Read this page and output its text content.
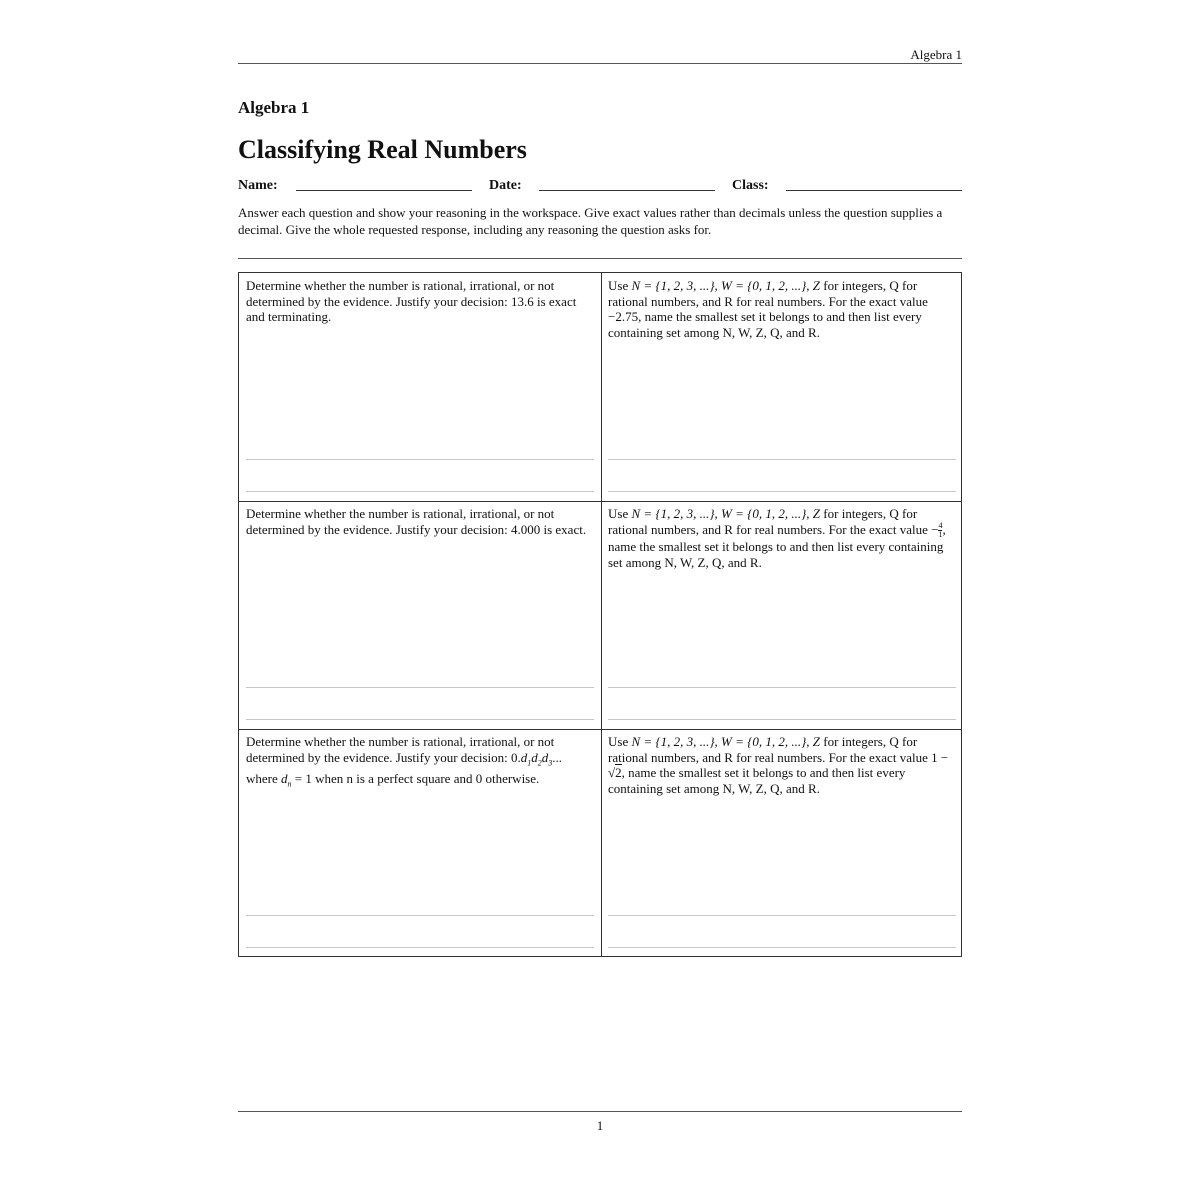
Algebra 1
Algebra 1
Classifying Real Numbers
Name:	Date:	Class:
Answer each question and show your reasoning in the workspace. Give exact values rather than decimals unless the question supplies a decimal. Give the whole requested response, including any reasoning the question asks for.
Determine whether the number is rational, irrational, or not determined by the evidence. Justify your decision: 13.6 is exact and terminating.
Use N = {1, 2, 3, ...}, W = {0, 1, 2, ...}, Z for integers, Q for rational numbers, and R for real numbers. For the exact value −2.75, name the smallest set it belongs to and then list every containing set among N, W, Z, Q, and R.
Determine whether the number is rational, irrational, or not determined by the evidence. Justify your decision: 4.000 is exact.
Use N = {1, 2, 3, ...}, W = {0, 1, 2, ...}, Z for integers, Q for rational numbers, and R for real numbers. For the exact value − $\frac{4}{1}$ , name the smallest set it belongs to and then list every containing set among N, W, Z, Q, and R.
Determine whether the number is rational, irrational, or not determined by the evidence. Justify your decision: $0.d_1d_2d_3$... where $d_n = 1$ when n is a perfect square and 0 otherwise.
Use N = {1, 2, 3, ...}, W = {0, 1, 2, ...}, Z for integers, Q for rational numbers, and R for real numbers. For the exact value 1 − √2, name the smallest set it belongs to and then list every containing set among N, W, Z, Q, and R.
1
